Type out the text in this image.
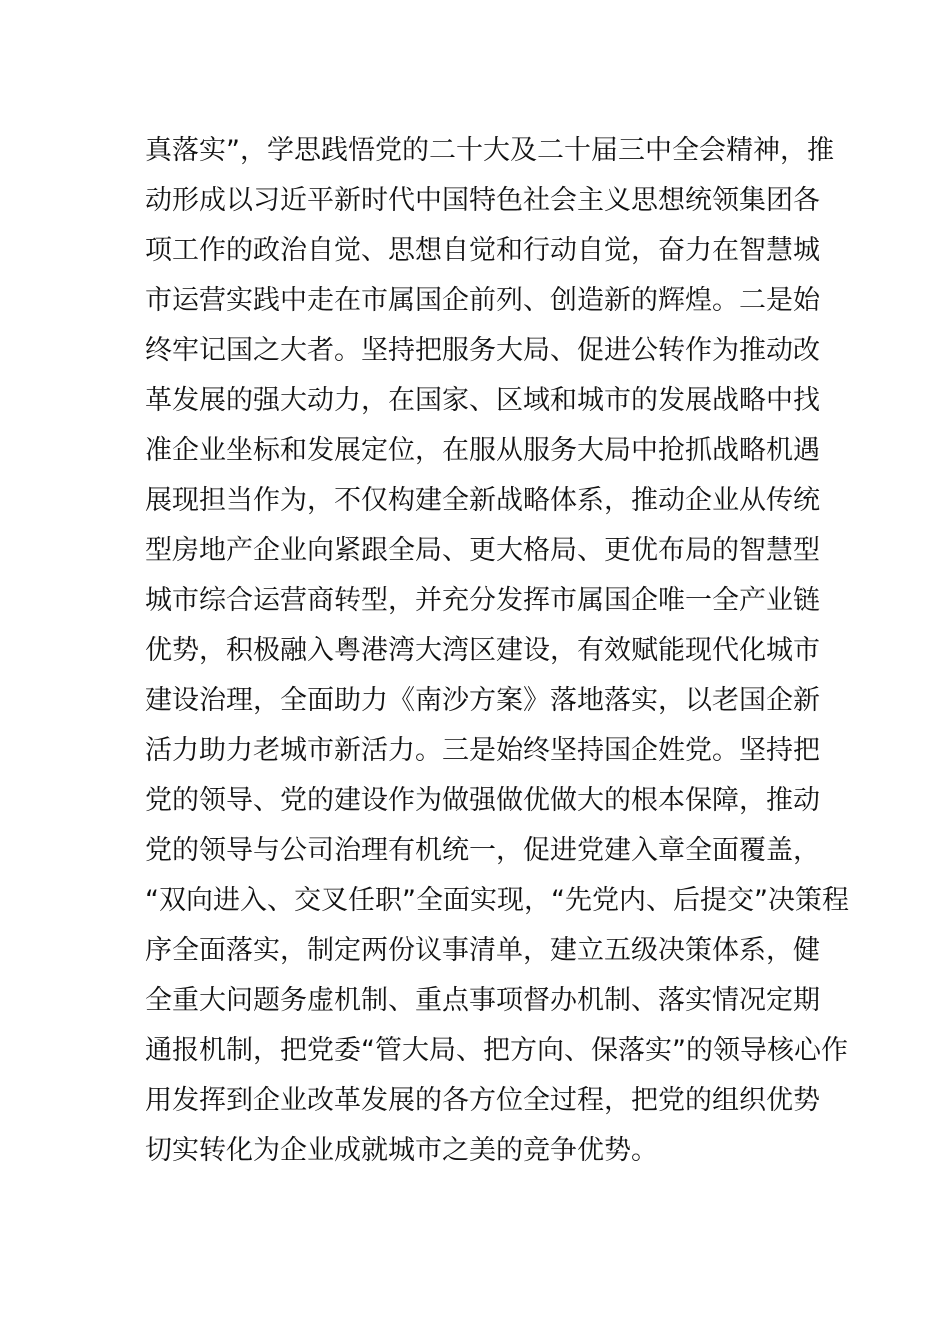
真落实”，学思践悟党的二十大及二十届三中全会精神，推
动形成以习近平新时代中国特色社会主义思想统领集团各
项工作的政治自觉、思想自觉和行动自觉，奋力在智慧城
市运营实践中走在市属国企前列、创造新的辉煌。二是始
终牢记国之大者。坚持把服务大局、促进公转作为推动改
革发展的强大动力，在国家、区域和城市的发展战略中找
准企业坐标和发展定位，在服从服务大局中抢抓战略机遇
展现担当作为，不仅构建全新战略体系，推动企业从传统
型房地产企业向紧跟全局、更大格局、更优布局的智慧型
城市综合运营商转型，并充分发挥市属国企唯一全产业链
优势，积极融入粤港湾大湾区建设，有效赋能现代化城市
建设治理，全面助力《南沙方案》落地落实，以老国企新
活力助力老城市新活力。三是始终坚持国企姓党。坚持把
党的领导、党的建设作为做强做优做大的根本保障，推动
党的领导与公司治理有机统一，促进党建入章全面覆盖，
“双向进入、交叉任职”全面实现，“先党内、后提交”决策程
序全面落实，制定两份议事清单，建立五级决策体系，健
全重大问题务虚机制、重点事项督办机制、落实情况定期
通报机制，把党委“管大局、把方向、保落实”的领导核心作
用发挥到企业改革发展的各方位全过程，把党的组织优势
切实转化为企业成就城市之美的竞争优势。
